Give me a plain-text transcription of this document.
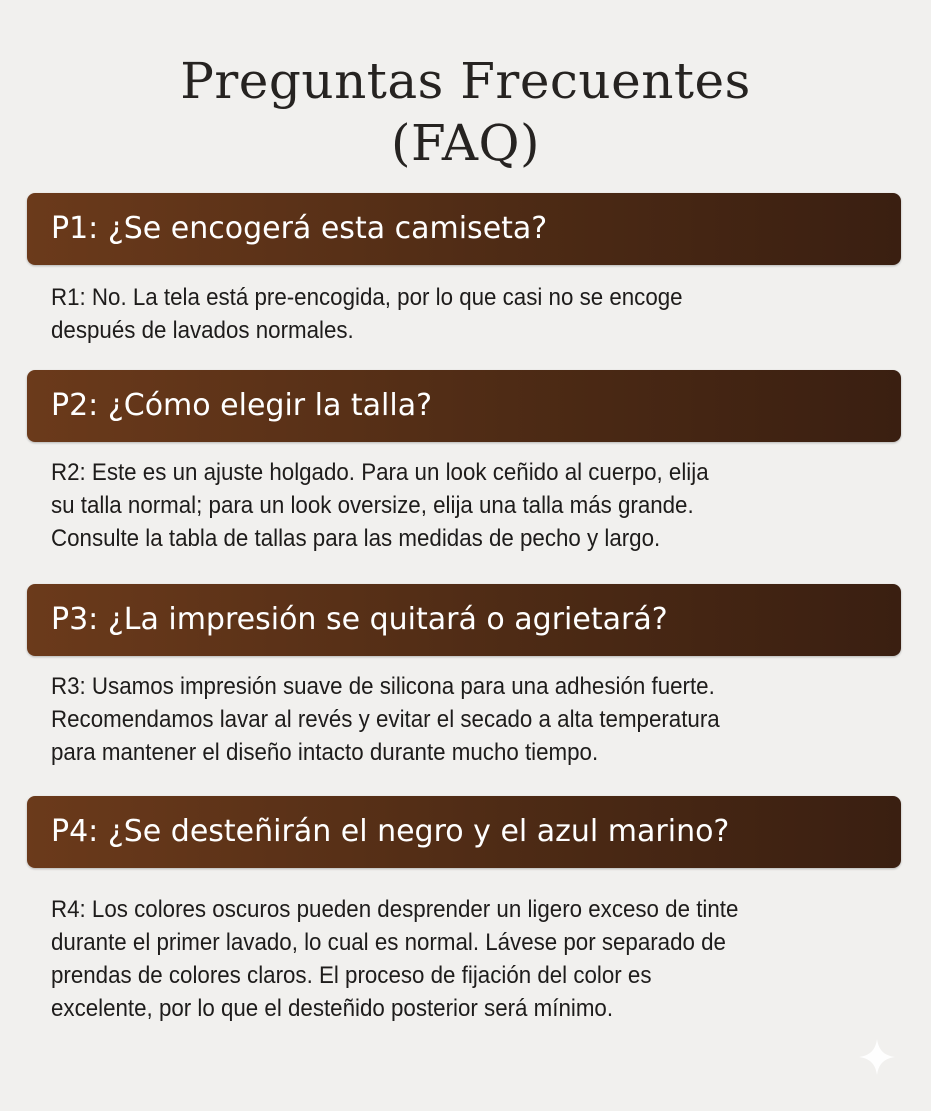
Preguntas Frecuentes
(FAQ)
P1: ¿Se encogerá esta camiseta?

R1: No. La tela está pre-encogida, por lo que casi no se encoge
después de lavados normales.

P2: ¿Cómo elegir la talla?

R2: Este es un ajuste holgado. Para un look ceñido al cuerpo, elija
su talla normal; para un look oversize, elija una talla más grande.
Consulte la tabla de tallas para las medidas de pecho y largo.

P3: ¿La impresión se quitará o agrietará?

R3: Usamos impresión suave de silicona para una adhesión fuerte.
Recomendamos lavar al revés y evitar el secado a alta temperatura
para mantener el diseño intacto durante mucho tiempo.

P4: ¿Se desteñirán el negro y el azul marino?

R4: Los colores oscuros pueden desprender un ligero exceso de tinte
durante el primer lavado, lo cual es normal. Lávese por separado de
prendas de colores claros. El proceso de fijación del color es
excelente, por lo que el desteñido posterior será mínimo.
